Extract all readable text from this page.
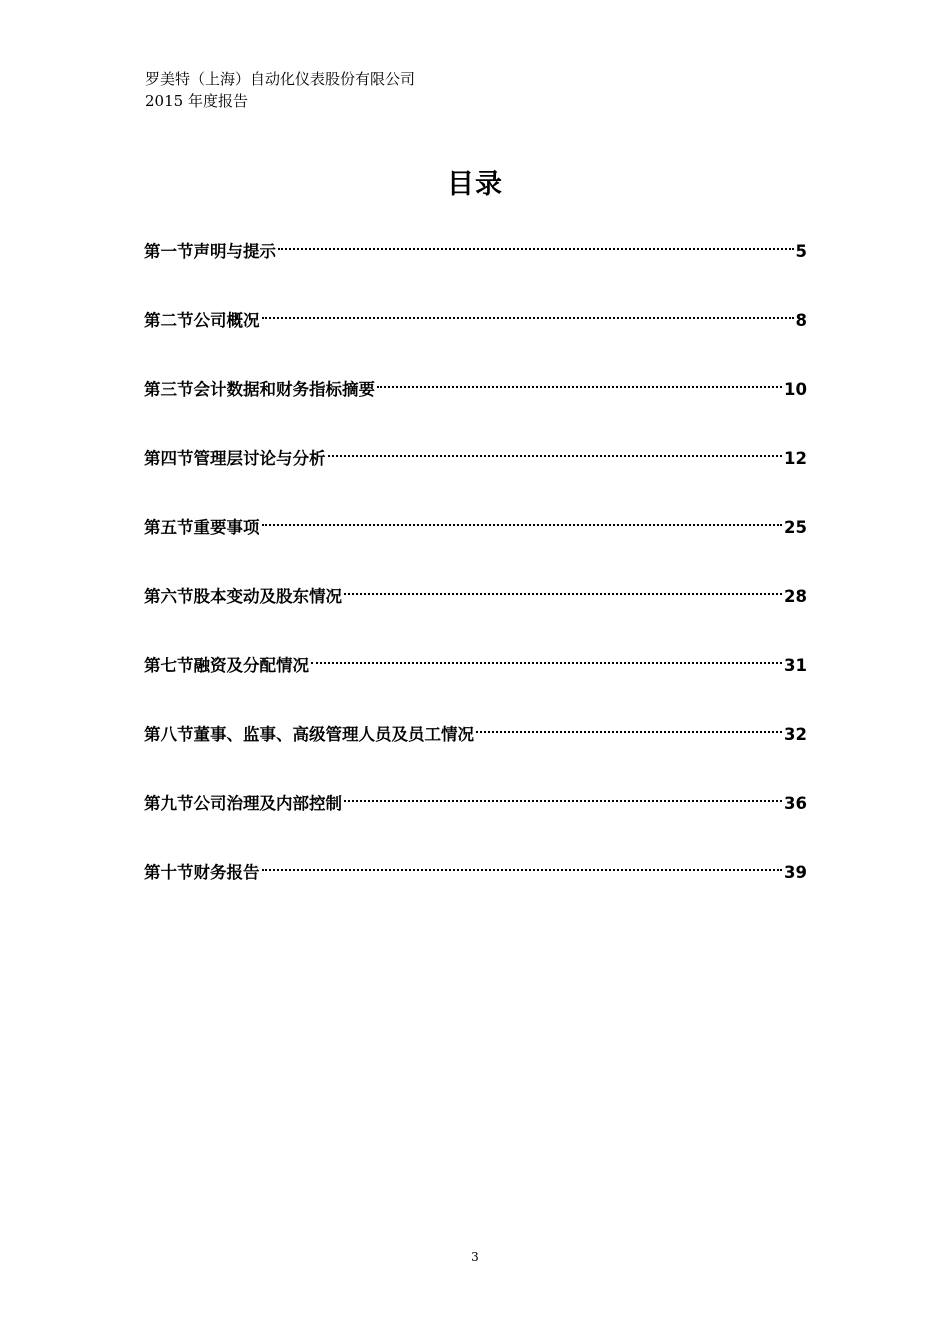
罗美特（上海）自动化仪表股份有限公司
2015 年度报告
目录
第一节声明与提示	5
第二节公司概况	8
第三节会计数据和财务指标摘要	10
第四节管理层讨论与分析	12
第五节重要事项	25
第六节股本变动及股东情况	28
第七节融资及分配情况	31
第八节董事、监事、高级管理人员及员工情况	32
第九节公司治理及内部控制	36
第十节财务报告	39
3
